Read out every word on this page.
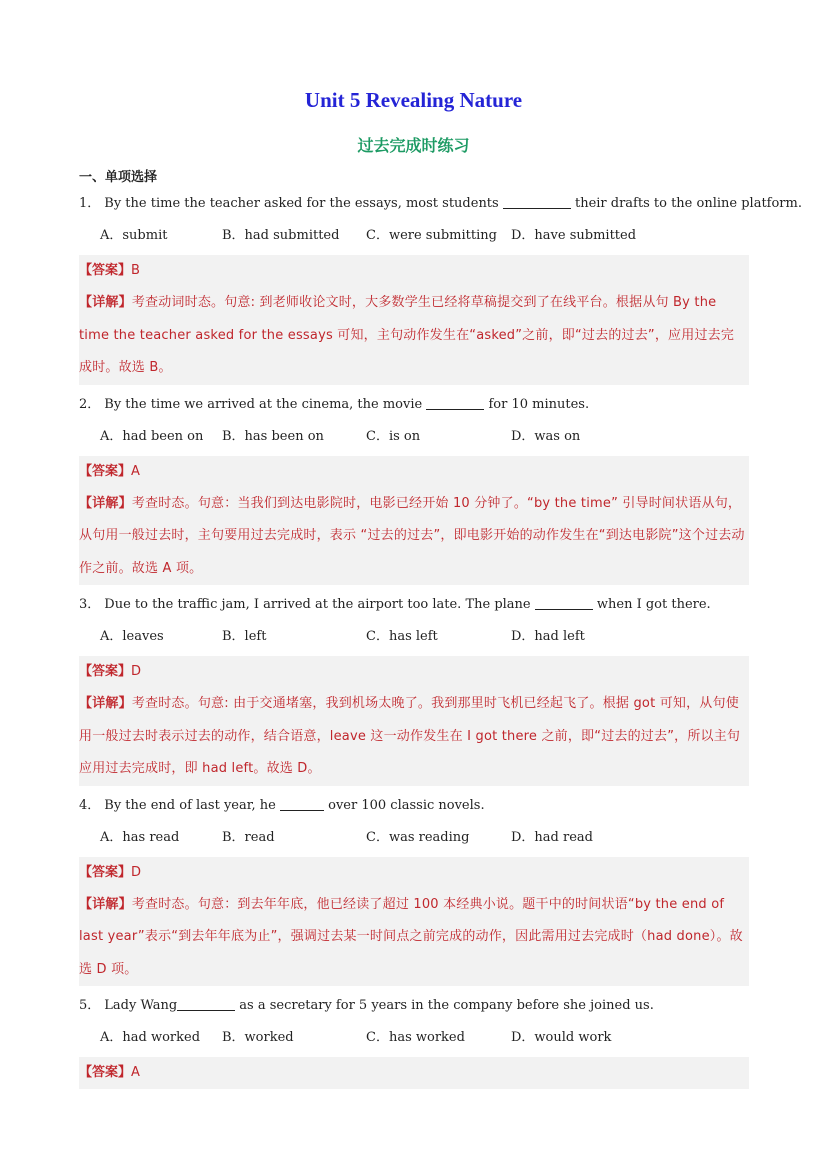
Unit 5 Revealing Nature
过去完成时练习
一、单项选择
1． By the time the teacher asked for the essays, most students	their drafts to the online platform.
A．submit	B．had submitted C．were submitting D．have submitted
【答案】B
【详解】考查动词时态。句意: 到老师收论文时，大多数学生已经将草稿提交到了在线平台。根据从句 By the time the teacher asked for the essays 可知，主句动作发生在“asked”之前，即“过去的过去”，应用过去完成时。故选 B。
2． By the time we arrived at the cinema, the movie	for 10 minutes.
A．had been on B．has been on	C．is on	D．was on
【答案】A
【详解】考查时态。句意：当我们到达电影院时，电影已经开始 10 分钟了。“by the time” 引导时间状语从句，从句用一般过去时，主句要用过去完成时，表示 “过去的过去”，即电影开始的动作发生在“到达电影院”这个过去动作之前。故选 A 项。
3． Due to the traffic jam, I arrived at the airport too late. The plane	when I got there.
A．leaves	B．left	C．has left	D．had left
【答案】D
【详解】考查时态。句意: 由于交通堵塞，我到机场太晚了。我到那里时飞机已经起飞了。根据 got 可知，从句使用一般过去时表示过去的动作，结合语意，leave 这一动作发生在 I got there 之前，即“过去的过去”，所以主句应用过去完成时，即 had left。故选 D。
4． By the end of last year, he	over 100 classic novels.
A．has read	B．read	C．was reading	D．had read
【答案】D
【详解】考查时态。句意：到去年年底，他已经读了超过 100 本经典小说。题干中的时间状语“by the end of last year”表示“到去年年底为止”，强调过去某一时间点之前完成的动作，因此需用过去完成时（had done）。故选 D 项。
5． Lady Wang	as a secretary for 5 years in the company before she joined us.
A．had worked B．worked	C．has worked	D．would work
【答案】A
